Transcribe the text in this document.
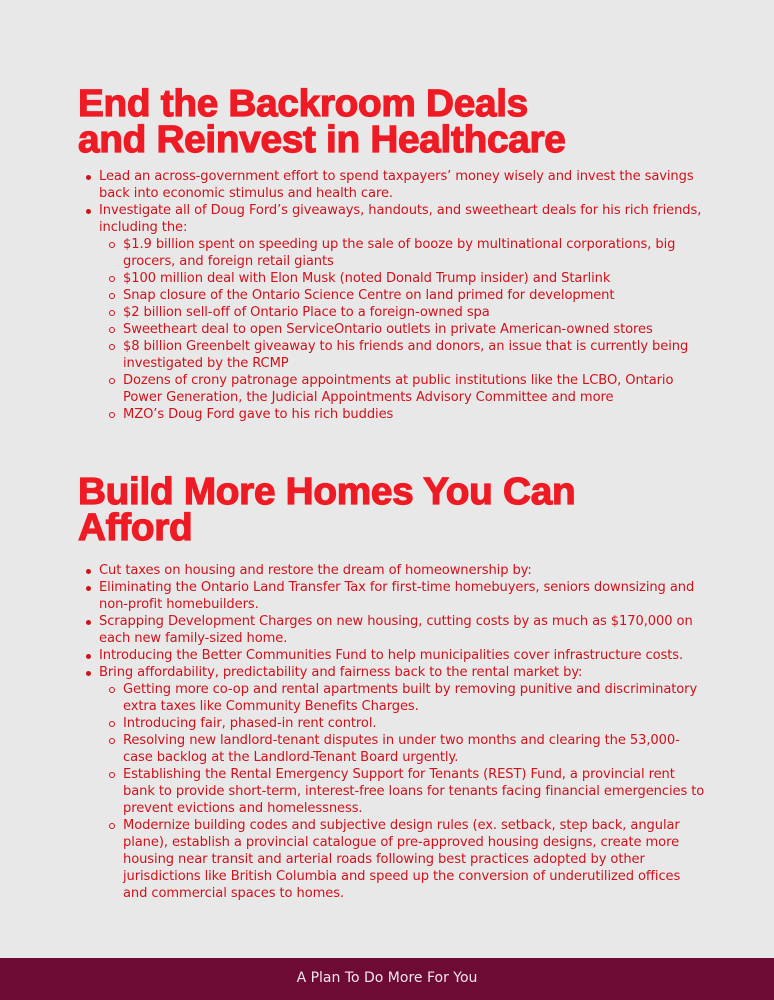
End the Backroom Deals
and Reinvest in Healthcare
Lead an across-government effort to spend taxpayers’ money wisely and invest the savings back into economic stimulus and health care.
Investigate all of Doug Ford’s giveaways, handouts, and sweetheart deals for his rich friends, including the:
$1.9 billion spent on speeding up the sale of booze by multinational corporations, big grocers, and foreign retail giants
$100 million deal with Elon Musk (noted Donald Trump insider) and Starlink
Snap closure of the Ontario Science Centre on land primed for development
$2 billion sell-off of Ontario Place to a foreign-owned spa
Sweetheart deal to open ServiceOntario outlets in private American-owned stores
$8 billion Greenbelt giveaway to his friends and donors, an issue that is currently being investigated by the RCMP
Dozens of crony patronage appointments at public institutions like the LCBO, Ontario Power Generation, the Judicial Appointments Advisory Committee and more
MZO’s Doug Ford gave to his rich buddies
Build More Homes You Can
Afford
Cut taxes on housing and restore the dream of homeownership by:
Eliminating the Ontario Land Transfer Tax for first-time homebuyers, seniors downsizing and non-profit homebuilders.
Scrapping Development Charges on new housing, cutting costs by as much as $170,000 on each new family-sized home.
Introducing the Better Communities Fund to help municipalities cover infrastructure costs.
Bring affordability, predictability and fairness back to the rental market by:
Getting more co-op and rental apartments built by removing punitive and discriminatory extra taxes like Community Benefits Charges.
Introducing fair, phased-in rent control.
Resolving new landlord-tenant disputes in under two months and clearing the 53,000-case backlog at the Landlord-Tenant Board urgently.
Establishing the Rental Emergency Support for Tenants (REST) Fund, a provincial rent bank to provide short-term, interest-free loans for tenants facing financial emergencies to prevent evictions and homelessness.
Modernize building codes and subjective design rules (ex. setback, step back, angular plane), establish a provincial catalogue of pre-approved housing designs, create more housing near transit and arterial roads following best practices adopted by other jurisdictions like British Columbia and speed up the conversion of underutilized offices and commercial spaces to homes.
A Plan To Do More For You
